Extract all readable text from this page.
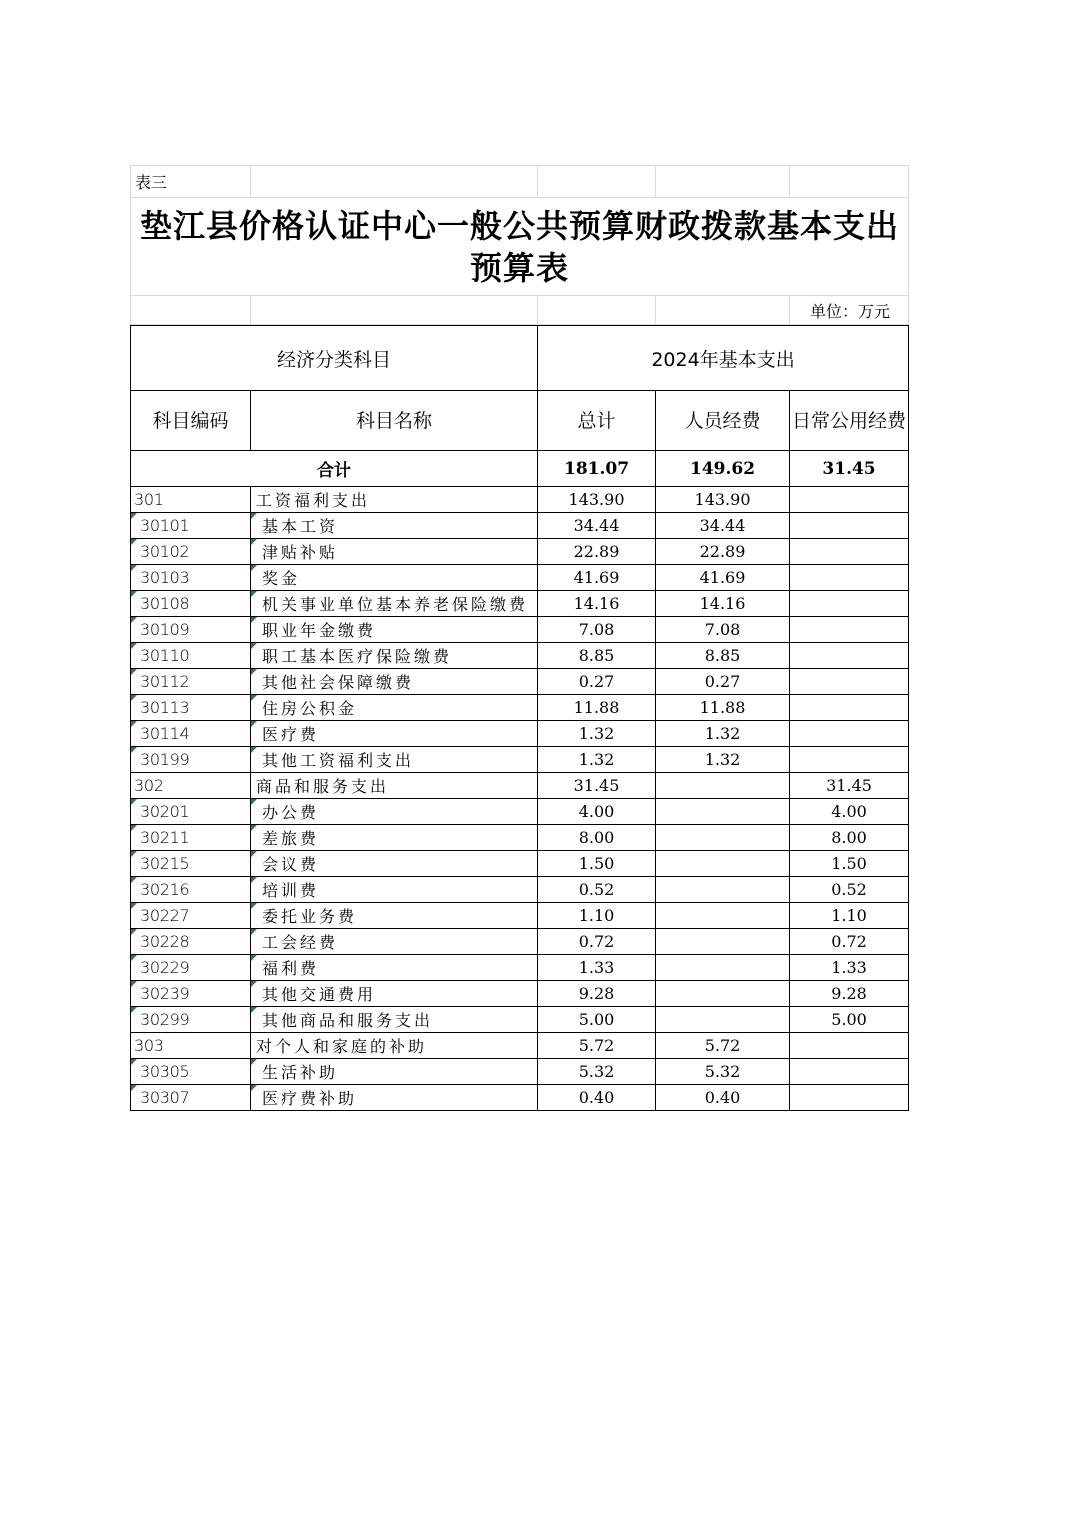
表三				
垫江县价格认证中心一般公共预算财政拨款基本支出预算表				
				单位：万元
经济分类科目		2024年基本支出		
科目编码	科目名称	总计	人员经费	日常公用经费
合计		181.07	149.62	31.45
301	工资福利支出	143.90	143.90	
30101	基本工资	34.44	34.44	
30102	津贴补贴	22.89	22.89	
30103	奖金	41.69	41.69	
30108	机关事业单位基本养老保险缴费	14.16	14.16	
30109	职业年金缴费	7.08	7.08	
30110	职工基本医疗保险缴费	8.85	8.85	
30112	其他社会保障缴费	0.27	0.27	
30113	住房公积金	11.88	11.88	
30114	医疗费	1.32	1.32	
30199	其他工资福利支出	1.32	1.32	
302	商品和服务支出	31.45		31.45
30201	办公费	4.00		4.00
30211	差旅费	8.00		8.00
30215	会议费	1.50		1.50
30216	培训费	0.52		0.52
30227	委托业务费	1.10		1.10
30228	工会经费	0.72		0.72
30229	福利费	1.33		1.33
30239	其他交通费用	9.28		9.28
30299	其他商品和服务支出	5.00		5.00
303	对个人和家庭的补助	5.72	5.72	
30305	生活补助	5.32	5.32	
30307	医疗费补助	0.40	0.40	
